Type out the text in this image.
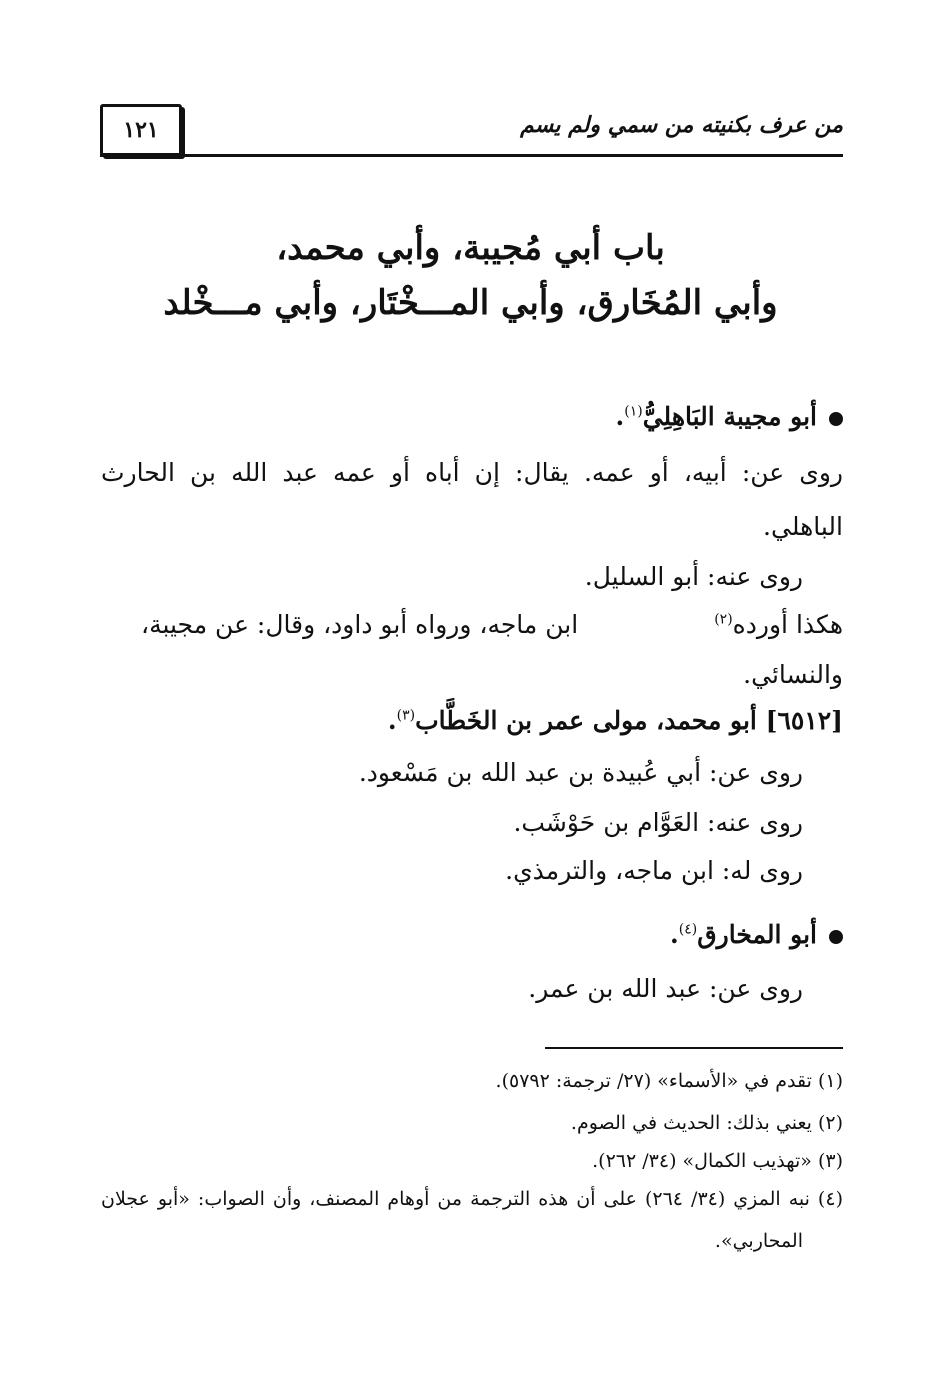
١٢١	من عرف بكنيته من سمي ولم يسم
باب أبي مُجيبة، وأبي محمد،
وأبي المُخَارق، وأبي المـــخْتَار، وأبي مـــخْلد
أبو مجيبة البَاهِلِيُّ$^{(١)}$.
روى عن: أبيه، أو عمه. يقال: إن أباه أو عمه عبد الله بن الحارث
الباهلي.
روى عنه: أبو السليل.
هكذا أورده$^{(٢)}$
ابن ماجه، ورواه أبو داود، وقال: عن مجيبة،
والنسائي.
[٦٥١٢] أبو محمد، مولى عمر بن الخَطَّاب$^{(٣)}$.
روى عن: أبي عُبيدة بن عبد الله بن مَسْعود.
روى عنه: العَوَّام بن حَوْشَب.
روى له: ابن ماجه، والترمذي.
أبو المخارق$^{(٤)}$.
روى عن: عبد الله بن عمر.
(١) تقدم في «الأسماء» (٢٧/ ترجمة: ٥٧٩٢).
(٢) يعني بذلك: الحديث في الصوم.
(٣) «تهذيب الكمال» (٣٤/ ٢٦٢).
(٤) نبه المزي (٣٤/ ٢٦٤) على أن هذه الترجمة من أوهام المصنف، وأن الصواب: «أبو عجلان
المحاربي».
